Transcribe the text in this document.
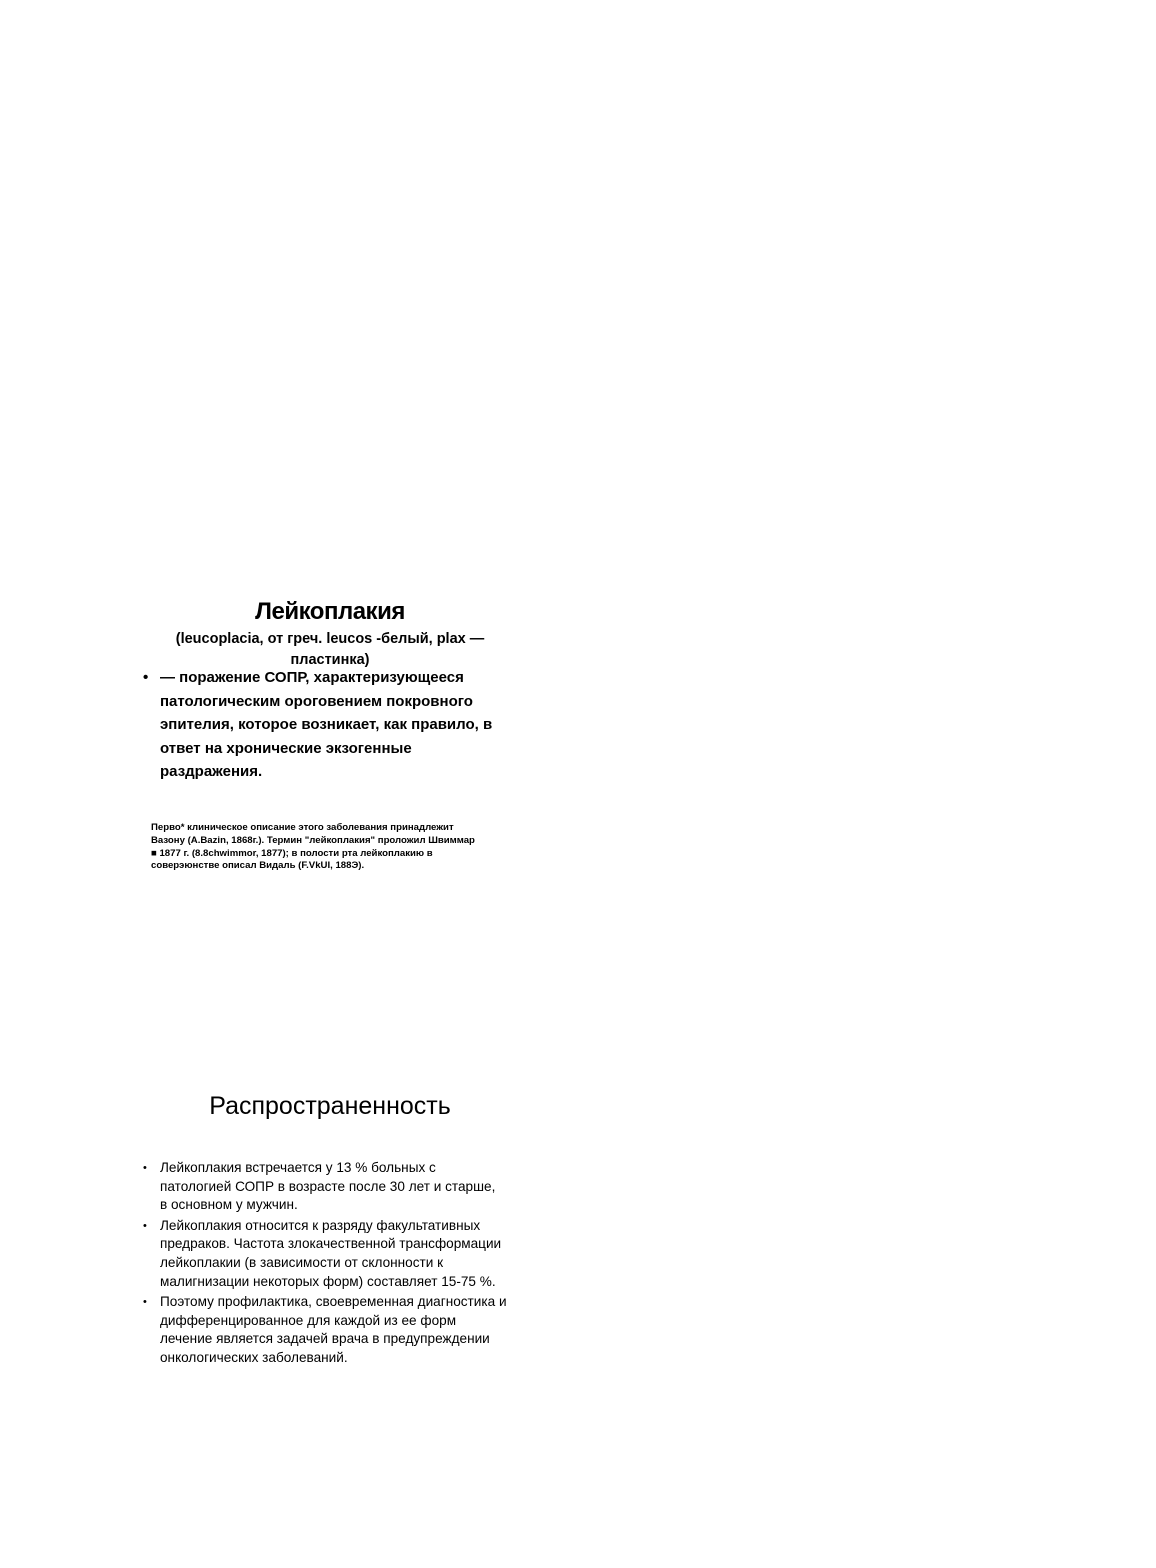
Лейкоплакия
(leucoplacia, от греч. leucos -белый, plax —
пластинка)
• — поражение СОПР, характеризующееся
патологическим ороговением покровного
эпителия, которое возникает, как правило, в
ответ на хронические экзогенные
раздражения.
Перво* клиническое описание этого заболевания принадлежит
Вазону (A.Bazin, 1868г.). Термин "лейкоплакия" проложил Швиммар
■ 1877 г. (8.8chwimmor, 1877); в полости рта лейкоплакию в
соверэюнстве описал Видаль (F.VkUI, 188Э).
Распространенность
• Лейкоплакия встречается у 13 % больных с
патологией СОПР в возрасте после 30 лет и старше,
в основном у мужчин.
• Лейкоплакия относится к разряду факультативных
предраков. Частота злокачественной трансформации
лейкоплакии (в зависимости от склонности к
малигнизации некоторых форм) составляет 15-75 %.
• Поэтому профилактика, своевременная диагностика и
дифференцированное для каждой из ее форм
лечение является задачей врача в предупреждении
онкологических заболеваний.
